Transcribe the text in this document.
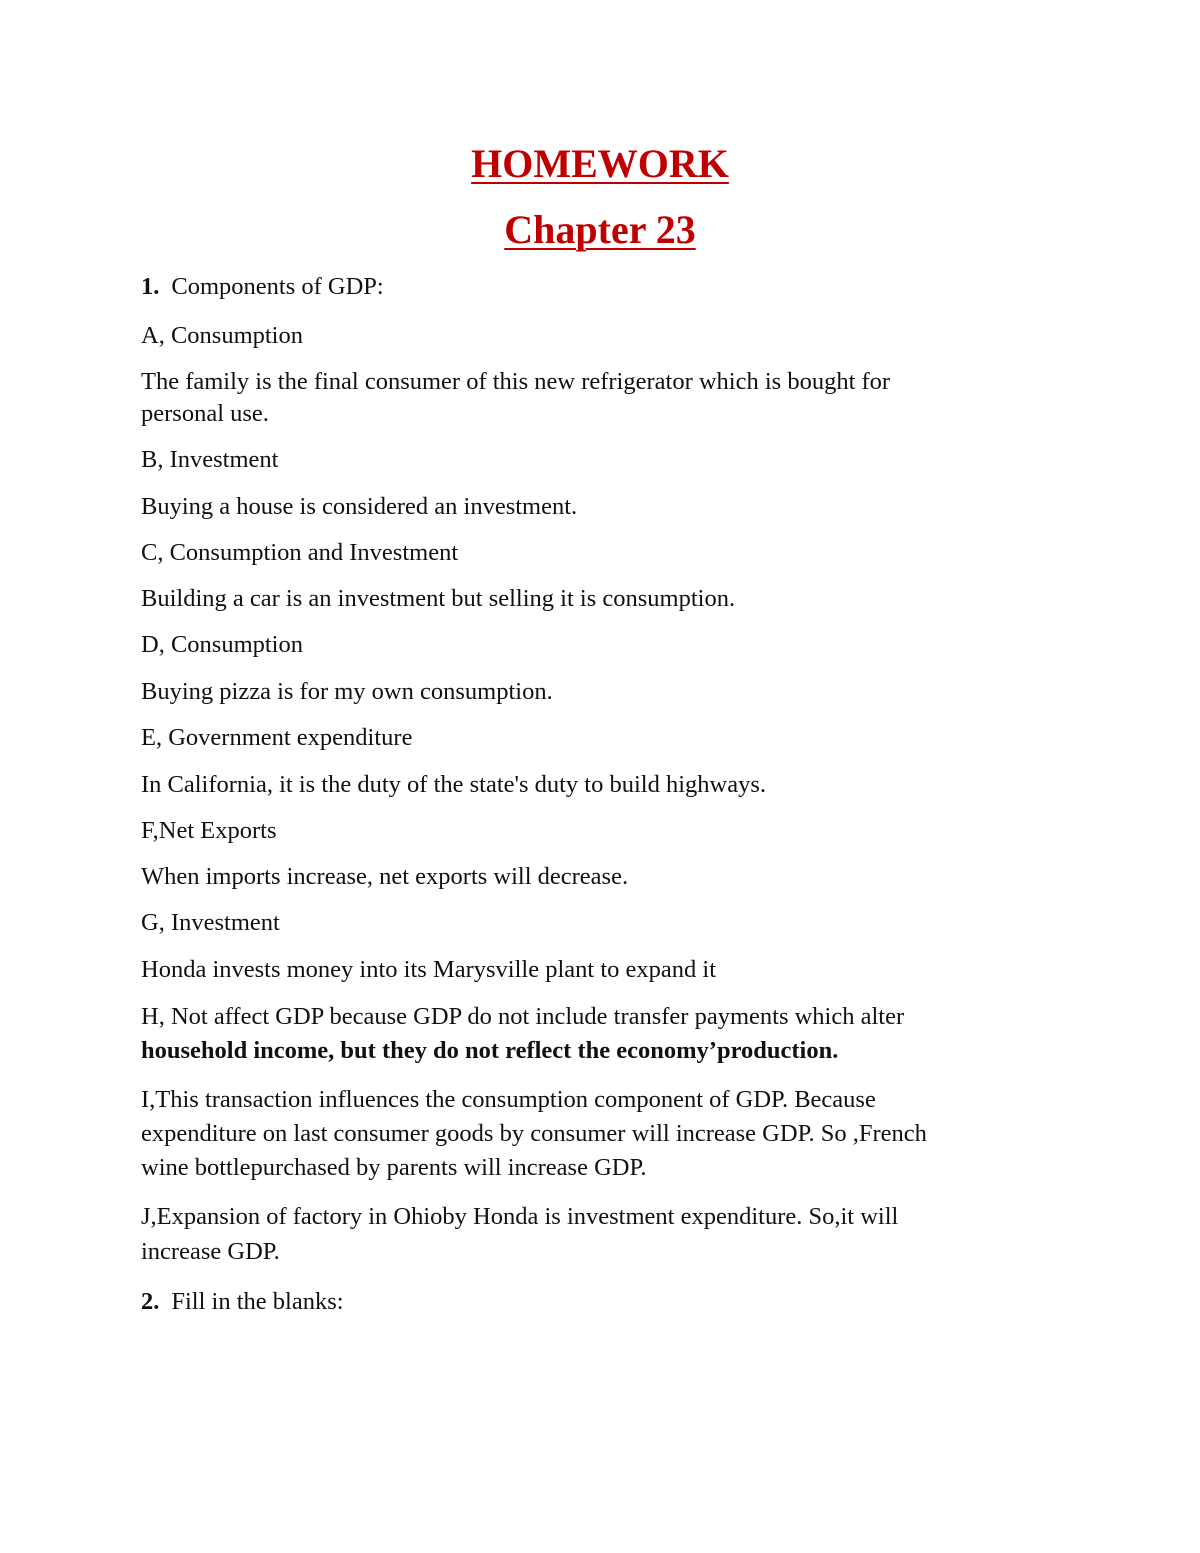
HOMEWORK
Chapter 23

1. Components of GDP:

A, Consumption

The family is the final consumer of this new refrigerator which is bought for

personal use.

B, Investment

Buying a house is considered an investment.

C, Consumption and Investment

Building a car is an investment but selling it is consumption.

D, Consumption

Buying pizza is for my own consumption.

E, Government expenditure

In California, it is the duty of the state's duty to build highways.

F,Net Exports

When imports increase, net exports will decrease.

G, Investment

Honda invests money into its Marysville plant to expand it

H, Not affect GDP because GDP do not include transfer payments which alter

household income, but they do not reflect the economy’production.

I,This transaction influences the consumption component of GDP. Because

expenditure on last consumer goods by consumer will increase GDP. So ,French

wine bottlepurchased by parents will increase GDP.

J,Expansion of factory in Ohioby Honda is investment expenditure. So,it will

increase GDP.

2. Fill in the blanks:
